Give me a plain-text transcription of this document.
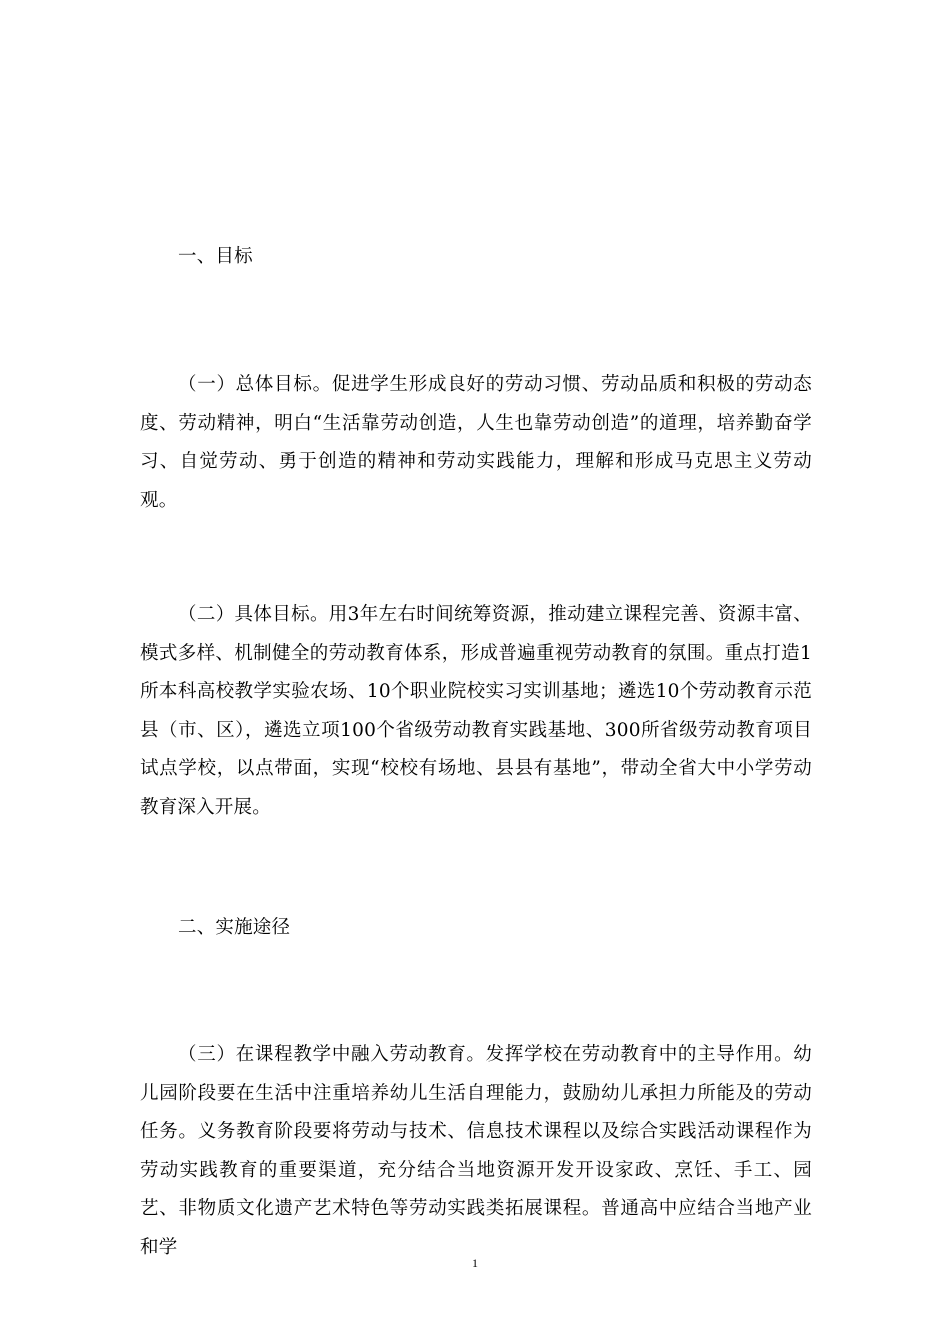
一、目标
（一）总体目标。促进学生形成良好的劳动习惯、劳动品质和积极的劳动态度、劳动精神，明白“生活靠劳动创造，人生也靠劳动创造”的道理，培养勤奋学习、自觉劳动、勇于创造的精神和劳动实践能力，理解和形成马克思主义劳动观。
（二）具体目标。用3年左右时间统筹资源，推动建立课程完善、资源丰富、模式多样、机制健全的劳动教育体系，形成普遍重视劳动教育的氛围。重点打造1所本科高校教学实验农场、10个职业院校实习实训基地；遴选10个劳动教育示范县（市、区），遴选立项100个省级劳动教育实践基地、300所省级劳动教育项目试点学校，以点带面，实现“校校有场地、县县有基地”，带动全省大中小学劳动教育深入开展。
二、实施途径
（三）在课程教学中融入劳动教育。发挥学校在劳动教育中的主导作用。幼儿园阶段要在生活中注重培养幼儿生活自理能力，鼓励幼儿承担力所能及的劳动任务。义务教育阶段要将劳动与技术、信息技术课程以及综合实践活动课程作为劳动实践教育的重要渠道，充分结合当地资源开发开设家政、烹饪、手工、园艺、非物质文化遗产艺术特色等劳动实践类拓展课程。普通高中应结合当地产业和学
1
